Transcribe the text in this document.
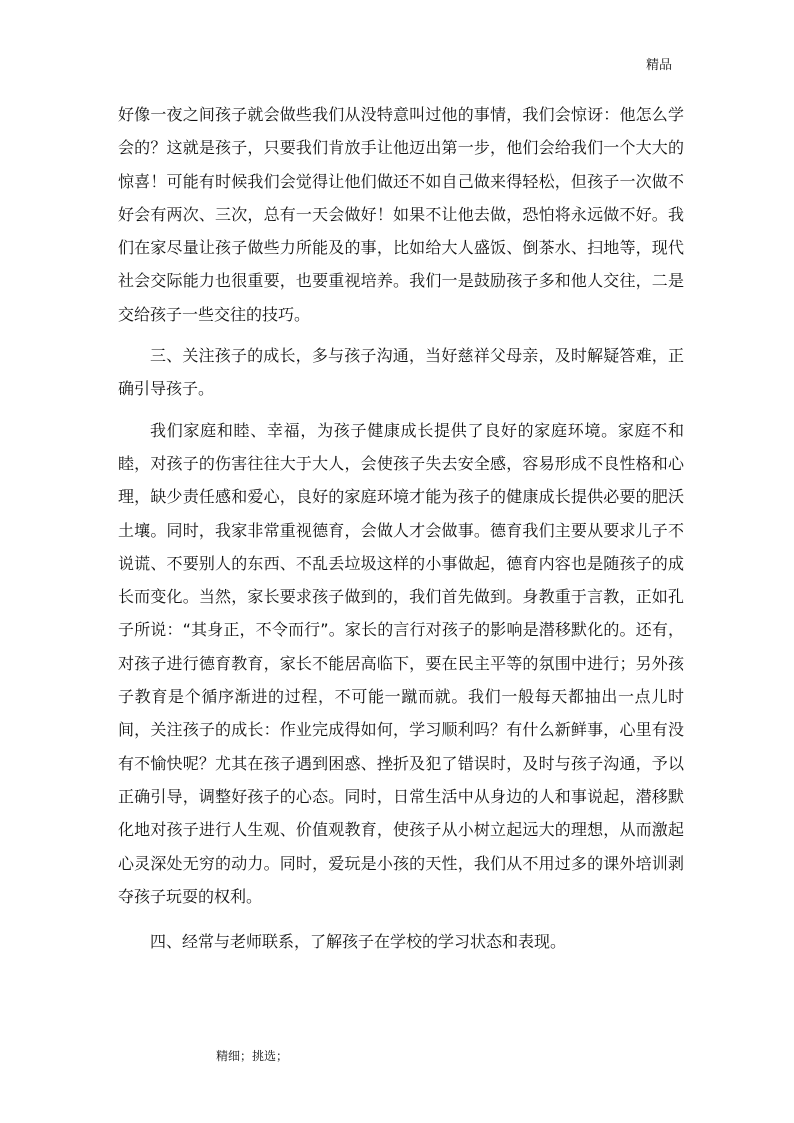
精品

好像一夜之间孩子就会做些我们从没特意叫过他的事情，我们会惊讶：他怎么学会的？这就是孩子，只要我们肯放手让他迈出第一步，他们会给我们一个大大的惊喜！可能有时候我们会觉得让他们做还不如自己做来得轻松，但孩子一次做不好会有两次、三次，总有一天会做好！如果不让他去做，恐怕将永远做不好。我们在家尽量让孩子做些力所能及的事，比如给大人盛饭、倒茶水、扫地等，现代社会交际能力也很重要，也要重视培养。我们一是鼓励孩子多和他人交往，二是交给孩子一些交往的技巧。

三、关注孩子的成长，多与孩子沟通，当好慈祥父母亲，及时解疑答难，正确引导孩子。

我们家庭和睦、幸福，为孩子健康成长提供了良好的家庭环境。家庭不和睦，对孩子的伤害往往大于大人，会使孩子失去安全感，容易形成不良性格和心理，缺少责任感和爱心，良好的家庭环境才能为孩子的健康成长提供必要的肥沃土壤。同时，我家非常重视德育，会做人才会做事。德育我们主要从要求儿子不说谎、不要别人的东西、不乱丢垃圾这样的小事做起，德育内容也是随孩子的成长而变化。当然，家长要求孩子做到的，我们首先做到。身教重于言教，正如孔子所说：“其身正，不令而行”。家长的言行对孩子的影响是潜移默化的。还有，对孩子进行德育教育，家长不能居高临下，要在民主平等的氛围中进行；另外孩子教育是个循序渐进的过程，不可能一蹴而就。我们一般每天都抽出一点儿时间，关注孩子的成长：作业完成得如何，学习顺利吗？有什么新鲜事，心里有没有不愉快呢？尤其在孩子遇到困惑、挫折及犯了错误时，及时与孩子沟通，予以正确引导，调整好孩子的心态。同时，日常生活中从身边的人和事说起，潜移默化地对孩子进行人生观、价值观教育，使孩子从小树立起远大的理想，从而激起心灵深处无穷的动力。同时，爱玩是小孩的天性，我们从不用过多的课外培训剥夺孩子玩耍的权利。

四、经常与老师联系，了解孩子在学校的学习状态和表现。

精细；挑选；
